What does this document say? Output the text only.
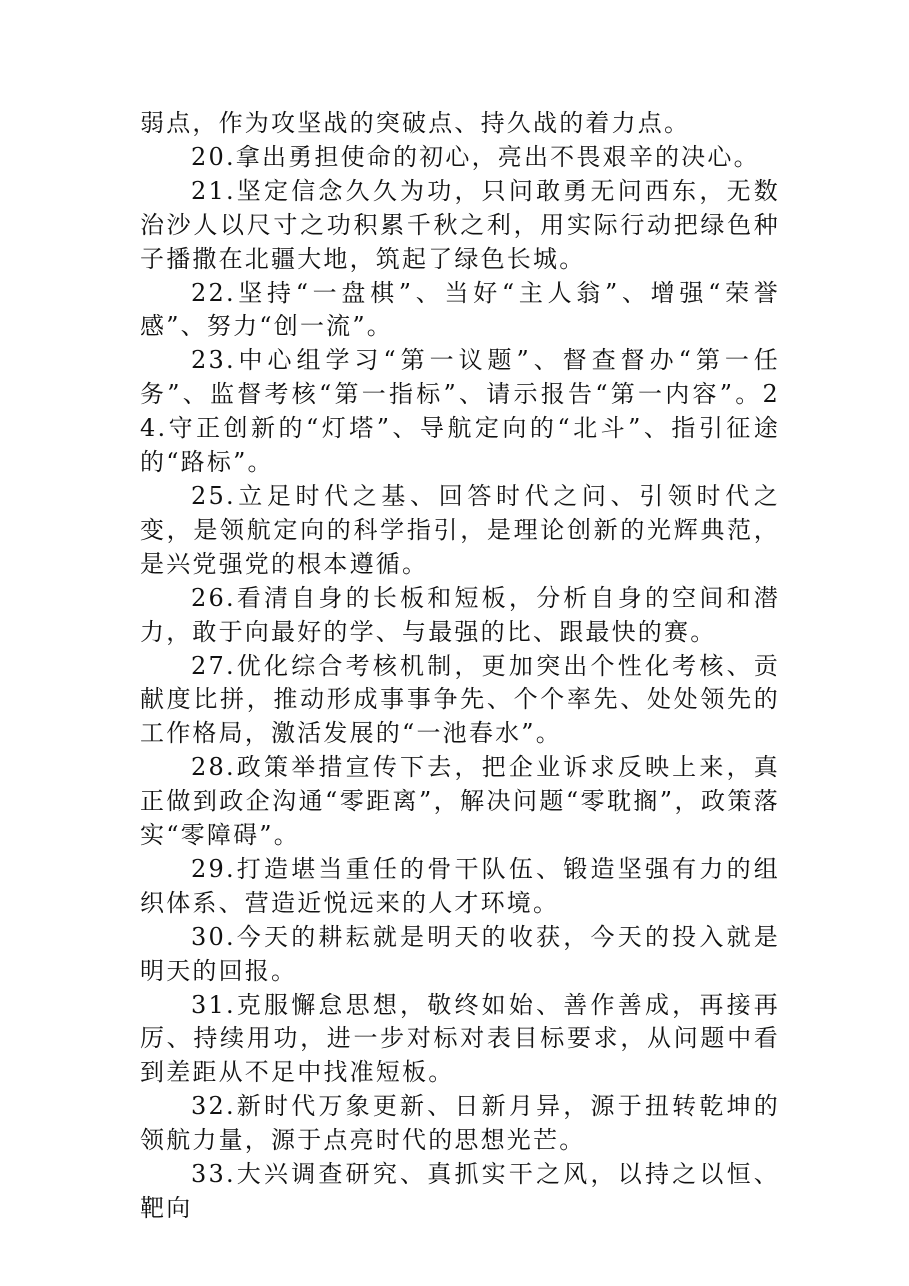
弱点，作为攻坚战的突破点、持久战的着力点。

20.拿出勇担使命的初心，亮出不畏艰辛的决心。

21.坚定信念久久为功，只问敢勇无问西东，无数治沙人以尺寸之功积累千秋之利，用实际行动把绿色种子播撒在北疆大地，筑起了绿色长城。

22.坚持“一盘棋”、当好“主人翁”、增强“荣誉感”、努力“创一流”。

23.中心组学习“第一议题”、督查督办“第一任务”、监督考核“第一指标”、请示报告“第一内容”。24.守正创新的“灯塔”、导航定向的“北斗”、指引征途的“路标”。

25.立足时代之基、回答时代之问、引领时代之变，是领航定向的科学指引，是理论创新的光辉典范，是兴党强党的根本遵循。

26.看清自身的长板和短板，分析自身的空间和潜力，敢于向最好的学、与最强的比、跟最快的赛。

27.优化综合考核机制，更加突出个性化考核、贡献度比拼，推动形成事事争先、个个率先、处处领先的工作格局，激活发展的“一池春水”。

28.政策举措宣传下去，把企业诉求反映上来，真正做到政企沟通“零距离”，解决问题“零耽搁”，政策落实“零障碍”。

29.打造堪当重任的骨干队伍、锻造坚强有力的组织体系、营造近悦远来的人才环境。

30.今天的耕耘就是明天的收获，今天的投入就是明天的回报。

31.克服懈怠思想，敬终如始、善作善成，再接再厉、持续用功，进一步对标对表目标要求，从问题中看到差距从不足中找准短板。

32.新时代万象更新、日新月异，源于扭转乾坤的领航力量，源于点亮时代的思想光芒。

33.大兴调查研究、真抓实干之风，以持之以恒、靶向
